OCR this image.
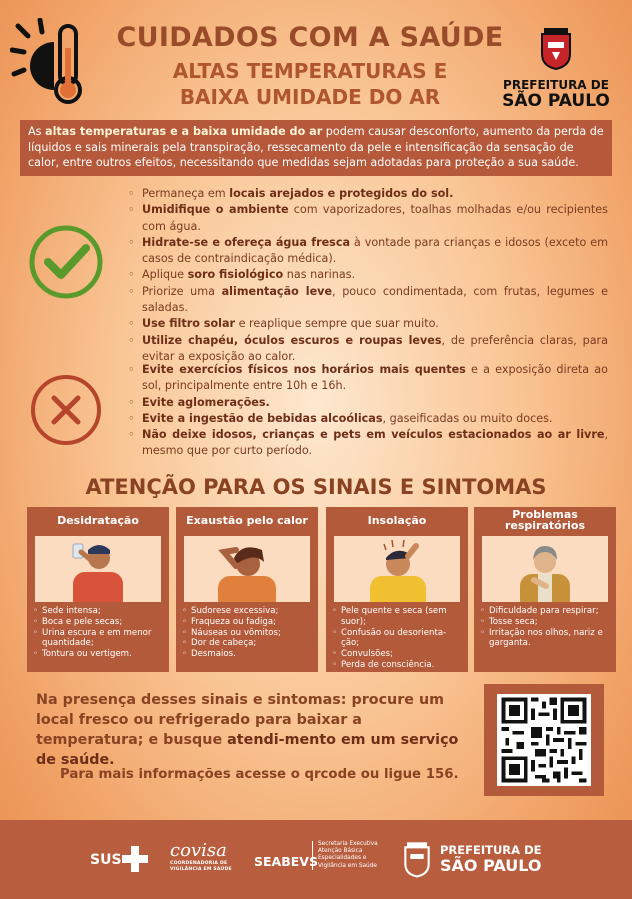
CUIDADOS COM A SAÚDE
ALTAS TEMPERATURAS E
BAIXA UMIDADE DO AR	PREFEITURA DE
SÃO PAULO
As altas temperaturas e a baixa umidade do ar podem causar desconforto, aumento da perda de líquidos e sais minerais pela transpiração, ressecamento da pele e intensificação da sensação de calor, entre outros efeitos, necessitando que medidas sejam adotadas para proteção a sua saúde.
◦ Permaneça em locais arejados e protegidos do sol.
◦ Umidifique o ambiente com vaporizadores, toalhas molhadas e/ou recipientes com água.
◦ Hidrate-se e ofereça água fresca à vontade para crianças e idosos (exceto em casos de contraindicação médica).
◦ Aplique soro fisiológico nas narinas.
◦ Priorize uma alimentação leve, pouco condimentada, com frutas, legumes e saladas.
◦ Use filtro solar e reaplique sempre que suar muito.
◦ Utilize chapéu, óculos escuros e roupas leves, de preferência claras, para evitar a exposição ao calor.
◦ Evite exercícios físicos nos horários mais quentes e a exposição direta ao sol, principalmente entre 10h e 16h.
◦ Evite aglomerações.
◦ Evite a ingestão de bebidas alcoólicas, gaseificadas ou muito doces.
◦ Não deixe idosos, crianças e pets em veículos estacionados ao ar livre, mesmo que por curto período.
ATENÇÃO PARA OS SINAIS E SINTOMAS
Desidratação
◦ Sede intensa;
◦ Boca e pele secas;
◦ Urina escura e em menor quantidade;
◦ Tontura ou vertigem.
Exaustão pelo calor
◦ Sudorese excessiva;
◦ Fraqueza ou fadiga;
◦ Náuseas ou vômitos;
◦ Dor de cabeça;
◦ Desmaios.
Insolação
◦ Pele quente e seca (sem suor);
◦ Confusão ou desorienta-ção;
◦ Convulsões;
◦ Perda de consciência.
Problemas respiratórios
◦ Dificuldade para respirar;
◦ Tosse seca;
◦ Irritação nos olhos, nariz e garganta.
Na presença desses sinais e sintomas: procure um local fresco ou refrigerado para baixar a temperatura; e busque atendi-mento em um serviço de saúde.
Para mais informações acesse o qrcode ou ligue 156.
SUS	covisa
COORDENADORIA DE
VIGILÂNCIA EM SAÚDE
SEABEVS
Secretaria Executiva
Atenção Básica
Especialidades e
Vigilância em Saúde
PREFEITURA DE
SÃO PAULO
